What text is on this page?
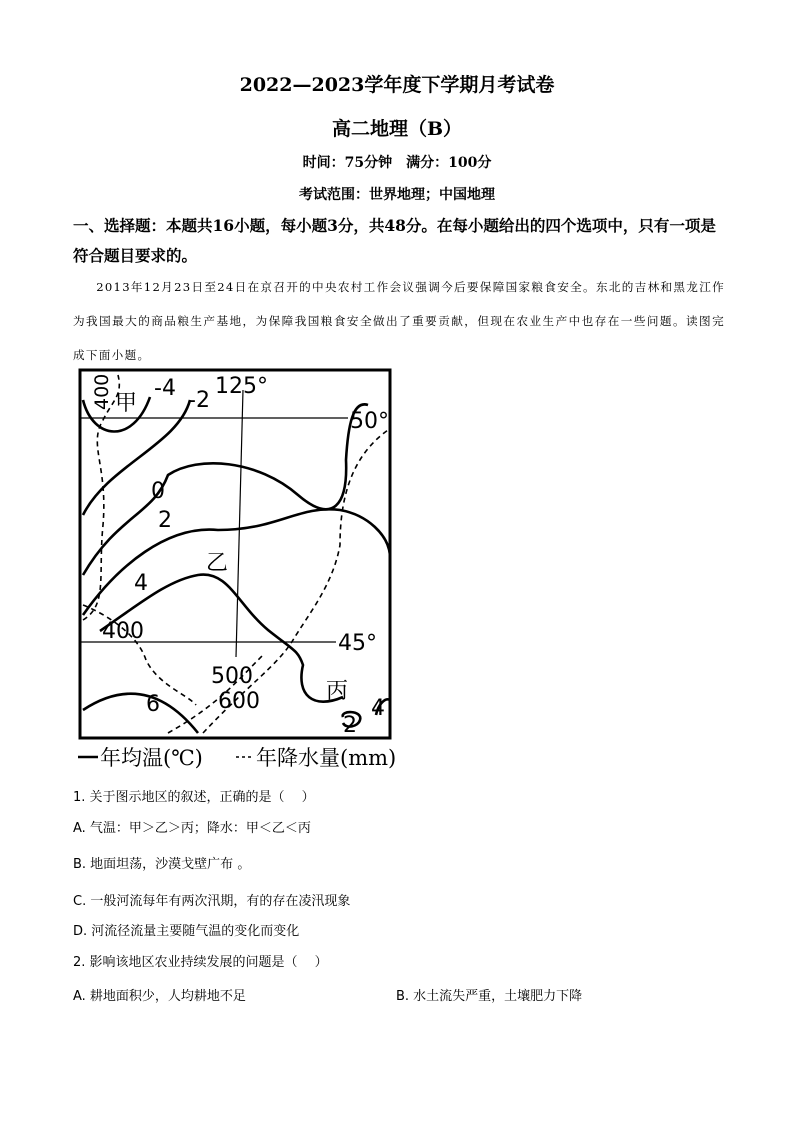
2022—2023学年度下学期月考试卷
高二地理（B）
时间：75分钟　满分：100分
考试范围：世界地理；中国地理
一、选择题：本题共16小题，每小题3分，共48分。在每小题给出的四个选项中，只有一项是符合题目要求的。
2013年12月23日至24日在京召开的中央农村工作会议强调今后要保障国家粮食安全。东北的吉林和黑龙江作为我国最大的商品粮生产基地，为保障我国粮食安全做出了重要贡献，但现在农业生产中也存在一些问题。读图完成下面小题。
400 甲
-4 -2
125°
50°
0
2
乙
4
400	45°
500
丙
6	600	4
2
年均温(℃)	年降水量(mm)
1. 关于图示地区的叙述，正确的是（　 ）
A. 气温：甲＞乙＞丙；降水：甲＜乙＜丙
B. 地面坦荡，沙漠戈壁广布 。
C. 一般河流每年有两次汛期，有的存在凌汛现象
D. 河流径流量主要随气温的变化而变化
2. 影响该地区农业持续发展的问题是（　 ）
A. 耕地面积少，人均耕地不足	B. 水土流失严重，土壤肥力下降
